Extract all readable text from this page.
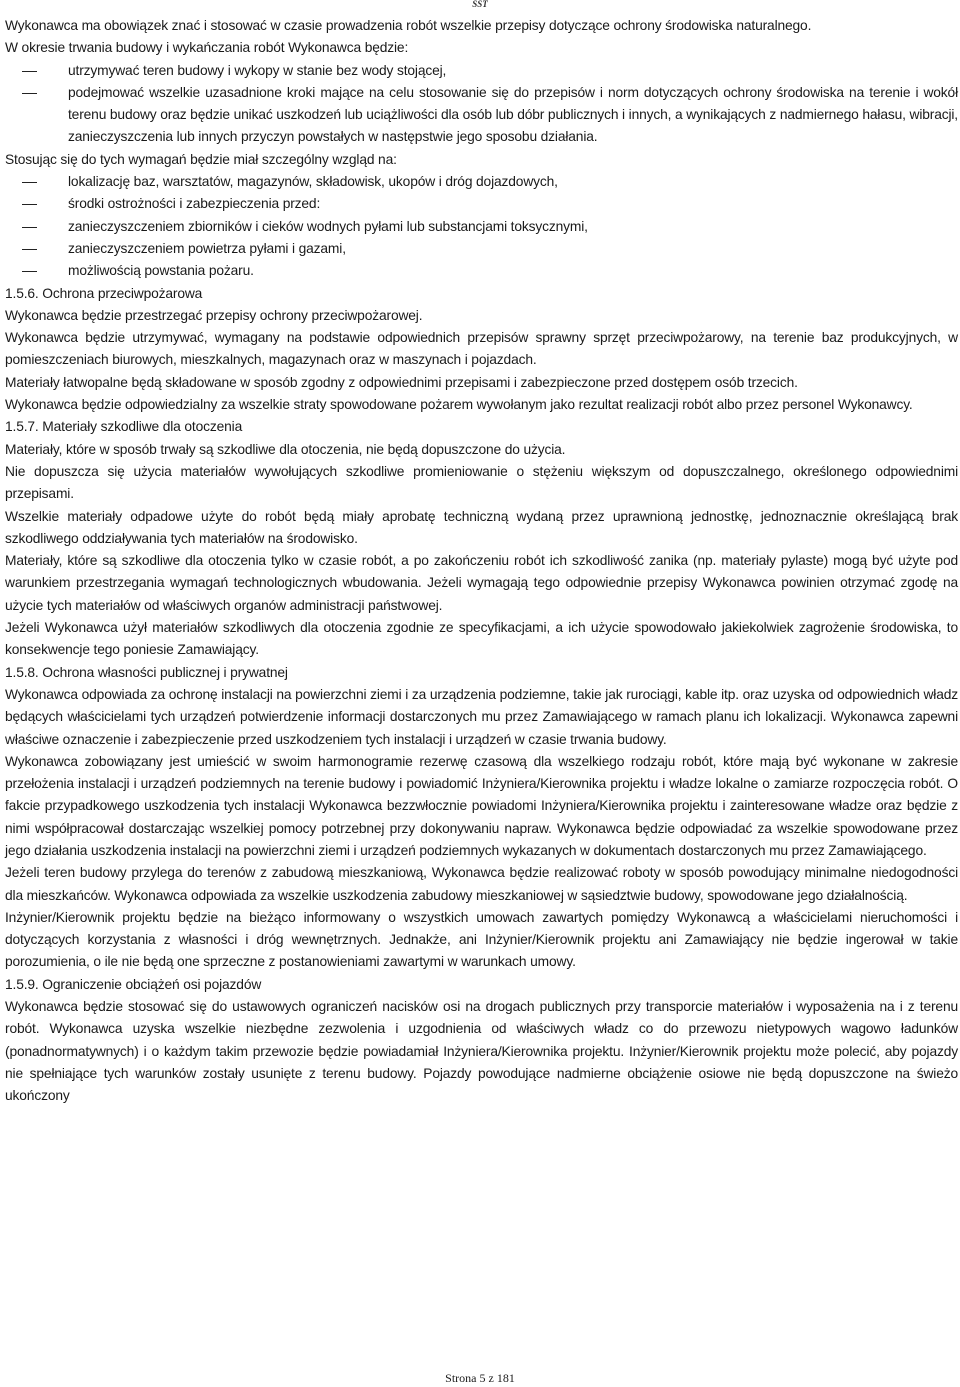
SST

Wykonawca ma obowiązek znać i stosować w czasie prowadzenia robót wszelkie przepisy dotyczące ochrony środowiska naturalnego.

W okresie trwania budowy i wykańczania robót Wykonawca będzie:

utrzymywać teren budowy i wykopy w stanie bez wody stojącej,
podejmować wszelkie uzasadnione kroki mające na celu stosowanie się do przepisów i norm dotyczących ochrony środowiska na terenie i wokół terenu budowy oraz będzie unikać uszkodzeń lub uciążliwości dla osób lub dóbr publicznych i innych, a wynikających z nadmiernego hałasu, wibracji, zanieczyszczenia lub innych przyczyn powstałych w następstwie jego sposobu działania.

Stosując się do tych wymagań będzie miał szczególny wzgląd na:

lokalizację baz, warsztatów, magazynów, składowisk, ukopów i dróg dojazdowych,
środki ostrożności i zabezpieczenia przed:
zanieczyszczeniem zbiorników i cieków wodnych pyłami lub substancjami toksycznymi,
zanieczyszczeniem powietrza pyłami i gazami,
możliwością powstania pożaru.

1.5.6. Ochrona przeciwpożarowa

Wykonawca będzie przestrzegać przepisy ochrony przeciwpożarowej.

Wykonawca będzie utrzymywać, wymagany na podstawie odpowiednich przepisów sprawny sprzęt przeciwpożarowy, na terenie baz produkcyjnych, w pomieszczeniach biurowych, mieszkalnych, magazynach oraz w maszynach i pojazdach.

Materiały łatwopalne będą składowane w sposób zgodny z odpowiednimi przepisami i zabezpieczone przed dostępem osób trzecich.

Wykonawca będzie odpowiedzialny za wszelkie straty spowodowane pożarem wywołanym jako rezultat realizacji robót albo przez personel Wykonawcy.

1.5.7. Materiały szkodliwe dla otoczenia

Materiały, które w sposób trwały są szkodliwe dla otoczenia, nie będą dopuszczone do użycia.

Nie dopuszcza się użycia materiałów wywołujących szkodliwe promieniowanie o stężeniu większym od dopuszczalnego, określonego odpowiednimi przepisami.

Wszelkie materiały odpadowe użyte do robót będą miały aprobatę techniczną wydaną przez uprawnioną jednostkę, jednoznacznie określającą brak szkodliwego oddziaływania tych materiałów na środowisko.

Materiały, które są szkodliwe dla otoczenia tylko w czasie robót, a po zakończeniu robót ich szkodliwość zanika (np. materiały pylaste) mogą być użyte pod warunkiem przestrzegania wymagań technologicznych wbudowania. Jeżeli wymagają tego odpowiednie przepisy Wykonawca powinien otrzymać zgodę na użycie tych materiałów od właściwych organów administracji państwowej.

Jeżeli Wykonawca użył materiałów szkodliwych dla otoczenia zgodnie ze specyfikacjami, a ich użycie spowodowało jakiekolwiek zagrożenie środowiska, to konsekwencje tego poniesie Zamawiający.

1.5.8. Ochrona własności publicznej i prywatnej

Wykonawca odpowiada za ochronę instalacji na powierzchni ziemi i za urządzenia podziemne, takie jak rurociągi, kable itp. oraz uzyska od odpowiednich władz będących właścicielami tych urządzeń potwierdzenie informacji dostarczonych mu przez Zamawiającego w ramach planu ich lokalizacji. Wykonawca zapewni właściwe oznaczenie i zabezpieczenie przed uszkodzeniem tych instalacji i urządzeń w czasie trwania budowy.

Wykonawca zobowiązany jest umieścić w swoim harmonogramie rezerwę czasową dla wszelkiego rodzaju robót, które mają być wykonane w zakresie przełożenia instalacji i urządzeń podziemnych na terenie budowy i powiadomić Inżyniera/Kierownika projektu i władze lokalne o zamiarze rozpoczęcia robót. O fakcie przypadkowego uszkodzenia tych instalacji Wykonawca bezzwłocznie powiadomi Inżyniera/Kierownika projektu i zainteresowane władze oraz będzie z nimi współpracował dostarczając wszelkiej pomocy potrzebnej przy dokonywaniu napraw. Wykonawca będzie odpowiadać za wszelkie spowodowane przez jego działania uszkodzenia instalacji na powierzchni ziemi i urządzeń podziemnych wykazanych w dokumentach dostarczonych mu przez Zamawiającego.

Jeżeli teren budowy przylega do terenów z zabudową mieszkaniową, Wykonawca będzie realizować roboty w sposób powodujący minimalne niedogodności dla mieszkańców. Wykonawca odpowiada za wszelkie uszkodzenia zabudowy mieszkaniowej w sąsiedztwie budowy, spowodowane jego działalnością.

Inżynier/Kierownik projektu będzie na bieżąco informowany o wszystkich umowach zawartych pomiędzy Wykonawcą a właścicielami nieruchomości i dotyczących korzystania z własności i dróg wewnętrznych. Jednakże, ani Inżynier/Kierownik projektu ani Zamawiający nie będzie ingerował w takie porozumienia, o ile nie będą one sprzeczne z postanowieniami zawartymi w warunkach umowy.

1.5.9. Ograniczenie obciążeń osi pojazdów

Wykonawca będzie stosować się do ustawowych ograniczeń nacisków osi na drogach publicznych przy transporcie materiałów i wyposażenia na i z terenu robót. Wykonawca uzyska wszelkie niezbędne zezwolenia i uzgodnienia od właściwych władz co do przewozu nietypowych wagowo ładunków (ponadnormatywnych) i o każdym takim przewozie będzie powiadamiał Inżyniera/Kierownika projektu. Inżynier/Kierownik projektu może polecić, aby pojazdy nie spełniające tych warunków zostały usunięte z terenu budowy. Pojazdy powodujące nadmierne obciążenie osiowe nie będą dopuszczone na świeżo ukończony

Strona 5 z 181
